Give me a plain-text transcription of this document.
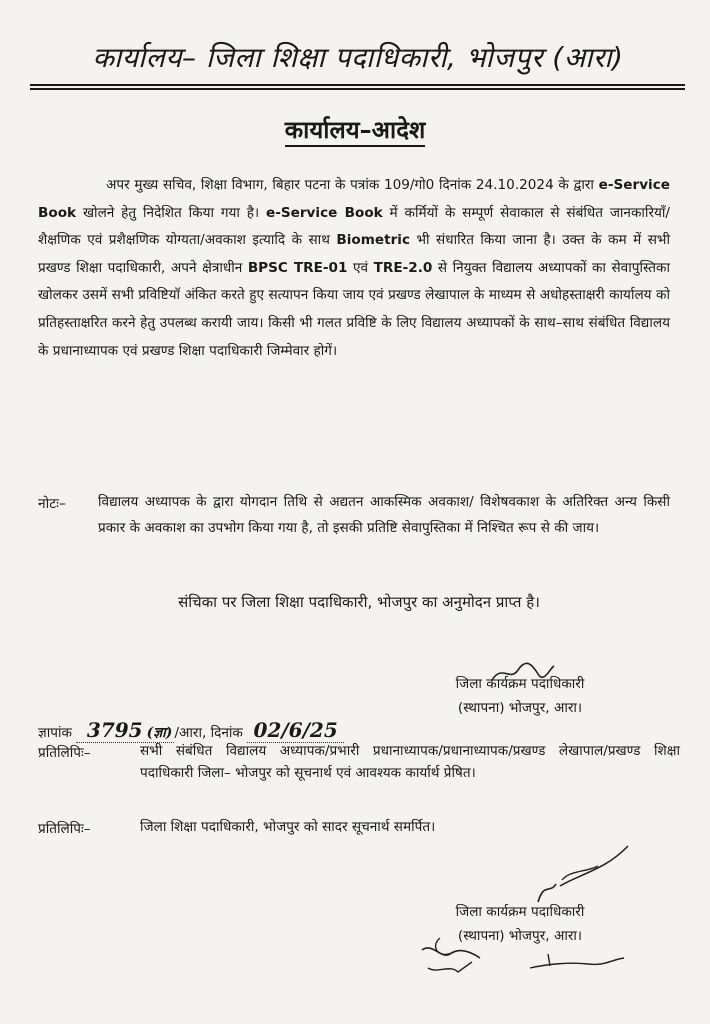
कार्यालय– जिला शिक्षा पदाधिकारी, भोजपुर (आरा)
कार्यालय–आदेश
अपर मुख्य सचिव, शिक्षा विभाग, बिहार पटना के पत्रांक 109/गो0 दिनांक 24.10.2024 के द्वारा e-Service Book खोलने हेतु निदेशित किया गया है। e-Service Book में कर्मियों के सम्पूर्ण सेवाकाल से संबंधित जानकारियाँ/शैक्षणिक एवं प्रशैक्षणिक योग्यता/अवकाश इत्यादि के साथ Biometric भी संधारित किया जाना है। उक्त के कम में सभी प्रखण्ड शिक्षा पदाधिकारी, अपने क्षेत्राधीन BPSC TRE-01 एवं TRE-2.0 से नियुक्त विद्यालय अध्यापकों का सेवापुस्तिका खोलकर उसमें सभी प्रविष्टियॉ अंकित करते हुए सत्यापन किया जाय एवं प्रखण्ड लेखापाल के माध्यम से अधोहस्ताक्षरी कार्यालय को प्रतिहस्ताक्षरित करने हेतु उपलब्ध करायी जाय। किसी भी गलत प्रविष्टि के लिए विद्यालय अध्यापकों के साथ–साथ संबंधित विद्यालय के प्रधानाध्यापक एवं प्रखण्ड शिक्षा पदाधिकारी जिम्मेवार होगें।
नोटः– विद्यालय अध्यापक के द्वारा योगदान तिथि से अद्यतन आकस्मिक अवकाश/ विशेषवकाश के अतिरिक्त अन्य किसी प्रकार के अवकाश का उपभोग किया गया है, तो इसकी प्रतिष्टि सेवापुस्तिका में निश्चित रूप से की जाय।
संचिका पर जिला शिक्षा पदाधिकारी, भोजपुर का अनुमोदन प्राप्त है।
जिला कार्यक्रम पदाधिकारी
(स्थापना) भोजपुर, आरा।
ज्ञापांक 3795 (ज्ञा) /आरा, दिनांक 02/6/25
प्रतिलिपिः–	सभी संबंधित विद्यालय अध्यापक/प्रभारी प्रधानाध्यापक/प्रधानाध्यापक/प्रखण्ड लेखापाल/प्रखण्ड शिक्षा पदाधिकारी जिला– भोजपुर को सूचनार्थ एवं आवश्यक कार्यार्थ प्रेषित।
प्रतिलिपिः–	जिला शिक्षा पदाधिकारी, भोजपुर को सादर सूचनार्थ समर्पित।
जिला कार्यक्रम पदाधिकारी
(स्थापना) भोजपुर, आरा।
